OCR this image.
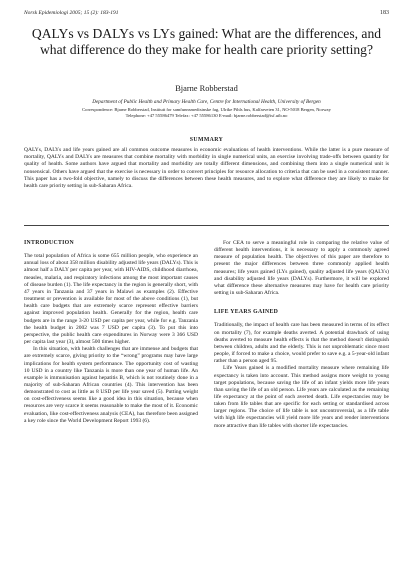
Norsk Epidemiologi 2005; 15 (2): 183-191	183
QALYs vs DALYs vs LYs gained: What are the differences, and what difference do they make for health care priority setting?
Bjarne Robberstad
Department of Public Health and Primary Health Care, Centre for International Health, University of Bergen
Correspondence: Bjarne Robberstad, Institutt for samfunnsmedisinske fag, Ulrike Pihls hus, Kalfarveien 31, NO-5018 Bergen, Norway
Telephone: +47 55586479 Telefax: +47 55586130 E-mail: bjarne.robberstad@isf.uib.no
SUMMARY
QALYs, DALYs and life years gained are all common outcome measures in economic evaluations of health interventions. While the latter is a pure measure of mortality, QALYs and DALYs are measures that combine mortality with morbidity in single numerical units, an exercise involving trade-offs between quantity for quality of health. Some authors have argued that mortality and morbidity are totally different dimensions, and combining them into a single numerical unit is nonsensical. Others have argued that the exercise is necessary in order to convert principles for resource allocation to criteria that can be used in a consistent manner. This paper has a two-fold objective, namely to discuss the differences between these health measures, and to explore what difference they are likely to make for health care priority setting in sub-Saharan Africa.
INTRODUCTION

The total population of Africa is some 655 million people, who experience an annual loss of about 358 million disability adjusted life years (DALYs). This is almost half a DALY per capita per year, with HIV-AIDS, childhood diarrhoea, measles, malaria, and respiratory infections among the most important causes of disease burden (1). The life expectancy in the region is generally short, with 47 years in Tanzania and 37 years in Malawi as examples (2). Effective treatment or prevention is available for most of the above conditions (1), but health care budgets that are extremely scarce represent effective barriers against improved population health. Generally for the region, health care budgets are in the range 3-20 USD per capita per year, while for e.g. Tanzania the health budget in 2002 was 7 USD per capita (3). To put this into perspective, the public health care expenditures in Norway were 3 366 USD per capita last year (3), almost 500 times higher.

In this situation, with health challenges that are immense and budgets that are extremely scarce, giving priority to the “wrong” programs may have large implications for health system performance. The opportunity cost of wasting 10 USD in a country like Tanzania is more than one year of human life. An example is immunisation against hepatitis B, which is not routinely done in a majority of sub-Saharan African countries (4). This intervention has been demonstrated to cost as little as 8 USD per life year saved (5). Putting weight on cost-effectiveness seems like a good idea in this situation, because when resources are very scarce it seems reasonable to make the most of it. Economic evaluation, like cost-effectiveness analysis (CEA), has therefore been assigned a key role since the World Development Report 1993 (6).

For CEA to serve a meaningful role in comparing the relative value of different health interventions, it is necessary to apply a commonly agreed measure of population health. The objectives of this paper are therefore to present the major differences between three commonly applied health measures; life years gained (LYs gained), quality adjusted life years (QALYs) and disability adjusted life years (DALYs). Furthermore, it will be explored what difference these alternative measures may have for health care priority setting in sub-Saharan Africa.

LIFE YEARS GAINED

Traditionally, the impact of health care has been measured in terms of its effect on mortality (7), for example deaths averted. A potential drawback of using deaths averted to measure health effects is that the method doesn't distinguish between children, adults and the elderly. This is not unproblematic since most people, if forced to make a choice, would prefer to save e.g. a 5-year-old infant rather than a person aged 95.

Life Years gained is a modified mortality measure where remaining life expectancy is taken into account. This method assigns more weight to young target populations, because saving the life of an infant yields more life years than saving the life of an old person. Life years are calculated as the remaining life expectancy at the point of each averted death. Life expectancies may be taken from life tables that are specific for each setting or standardised across larger regions. The choice of life table is not uncontroversial, as a life table with high life expectancies will yield more life years and render interventions more attractive than life tables with shorter life expectancies.
